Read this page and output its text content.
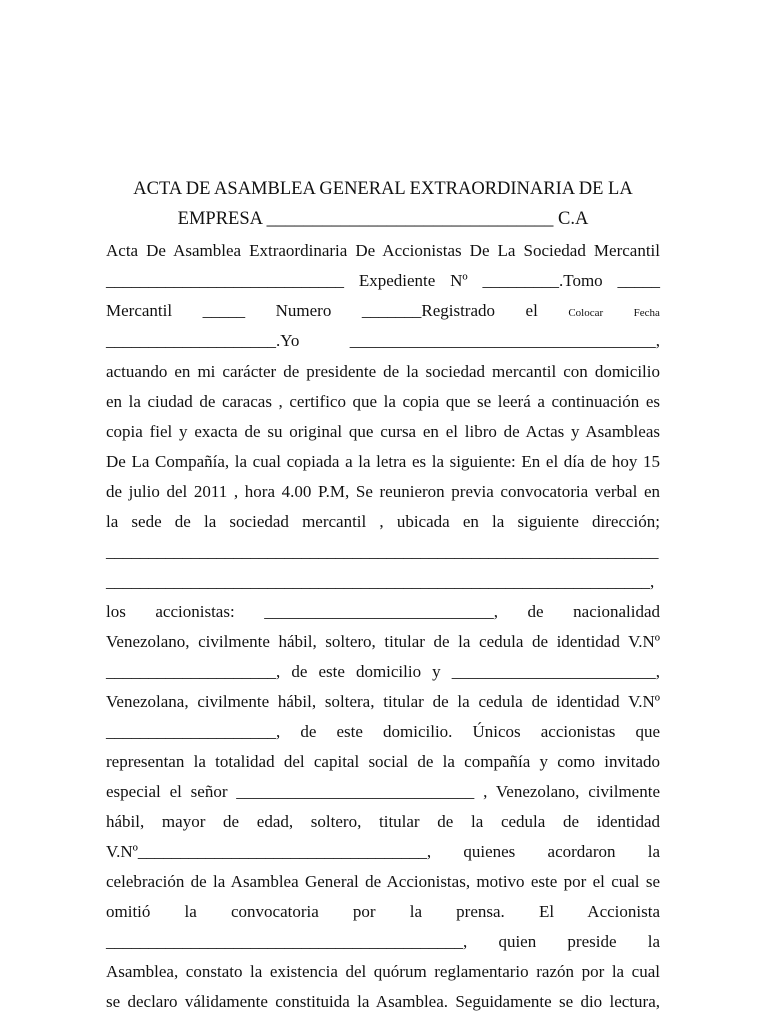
ACTA DE ASAMBLEA GENERAL EXTRAORDINARIA DE LA
EMPRESA _______________________________ C.A
Acta De Asamblea Extraordinaria De Accionistas De La Sociedad Mercantil
____________________________ Expediente Nº _________.Tomo _____
Mercantil _____ Numero _______Registrado el	Colocar	Fecha
____________________.Yo ____________________________________,
actuando en mi carácter de presidente de la sociedad mercantil con domicilio
en la ciudad de caracas , certifico que la copia que se leerá a continuación es
copia fiel y exacta de su original que cursa en el libro de Actas y Asambleas
De La Compañía, la cual copiada a la letra es la siguiente: En el día de hoy 15
de julio del 2011 , hora 4.00 P.M, Se reunieron previa convocatoria verbal en
la sede de la sociedad mercantil , ubicada en la siguiente dirección;
_________________________________________________________________
________________________________________________________________,
los accionistas: ___________________________, de nacionalidad
Venezolano, civilmente hábil, soltero, titular de la cedula de identidad V.Nº
____________________, de este domicilio y ________________________,
Venezolana, civilmente hábil, soltera, titular de la cedula de identidad V.Nº
____________________, de este domicilio. Únicos accionistas que
representan la totalidad del capital social de la compañía y como invitado
especial el señor ____________________________ , Venezolano, civilmente
hábil, mayor de edad, soltero, titular de la cedula de identidad
V.Nº__________________________________, quienes acordaron la
celebración de la Asamblea General de Accionistas, motivo este por el cual se
omitió la convocatoria por la prensa. El Accionista
__________________________________________, quien preside la
Asamblea, constato la existencia del quórum reglamentario razón por la cual
se declaro válidamente constituida la Asamblea. Seguidamente se dio lectura,
